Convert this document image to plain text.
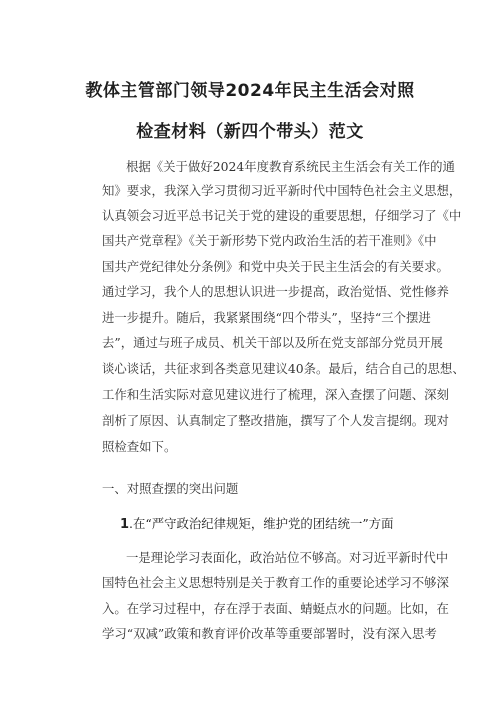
教体主管部门领导2024年民主生活会对照
检查材料（新四个带头）范文
根据《关于做好2024年度教育系统民主生活会有关工作的通
知》要求，我深入学习贯彻习近平新时代中国特色社会主义思想，
认真领会习近平总书记关于党的建设的重要思想，仔细学习了《中
国共产党章程》《关于新形势下党内政治生活的若干准则》《中
国共产党纪律处分条例》和党中央关于民主生活会的有关要求。
通过学习，我个人的思想认识进一步提高，政治觉悟、党性修养
进一步提升。随后，我紧紧围绕“四个带头”，坚持“三个摆进
去”，通过与班子成员、机关干部以及所在党支部部分党员开展
谈心谈话，共征求到各类意见建议40条。最后，结合自己的思想、
工作和生活实际对意见建议进行了梳理，深入查摆了问题、深刻
剖析了原因、认真制定了整改措施，撰写了个人发言提纲。现对
照检查如下。
一、对照查摆的突出问题
1.在“严守政治纪律规矩，维护党的团结统一”方面
一是理论学习表面化，政治站位不够高。对习近平新时代中
国特色社会主义思想特别是关于教育工作的重要论述学习不够深
入。在学习过程中，存在浮于表面、蜻蜓点水的问题。比如，在
学习“双减”政策和教育评价改革等重要部署时，没有深入思考
